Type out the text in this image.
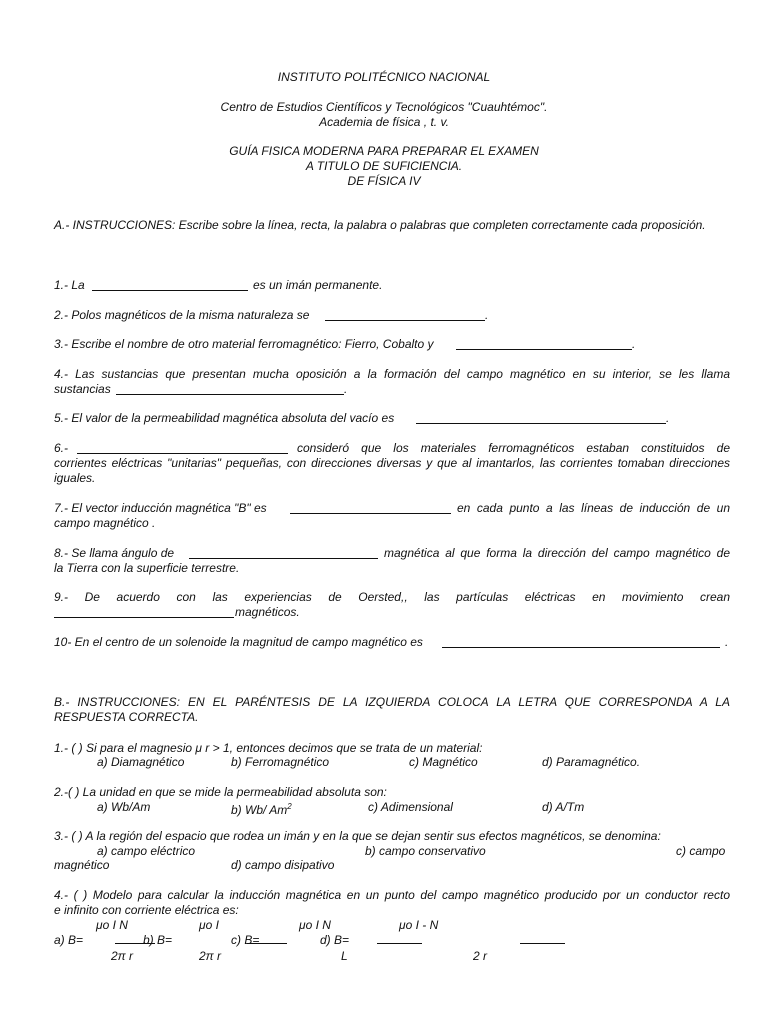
INSTITUTO POLITÉCNICO NACIONAL
Centro de Estudios Científicos y Tecnológicos "Cuauhtémoc".
Academia de física , t. v.
GUÍA FISICA MODERNA PARA PREPARAR EL EXAMEN
A TITULO DE SUFICIENCIA.
DE FÍSICA IV
A.- INSTRUCCIONES: Escribe sobre la línea, recta, la palabra o palabras que completen correctamente cada proposición.
1.- La	es un imán permanente.
2.- Polos magnéticos de la misma naturaleza se	.
3.- Escribe el nombre de otro material ferromagnético: Fierro, Cobalto y	.
4.- Las sustancias que presentan mucha oposición a la formación del campo magnético en su interior, se les llama
sustancias	.
5.- El valor de la permeabilidad magnética absoluta del vacío es	.
6.-	consideró que los materiales ferromagnéticos estaban constituidos de
corrientes eléctricas "unitarias" pequeñas, con direcciones diversas y que al imantarlos, las corrientes tomaban direcciones iguales.
7.- El vector inducción magnética "B" es	en cada punto a las líneas de inducción de un
campo magnético .
8.- Se llama ángulo de	magnética al que forma la dirección del campo magnético de
la Tierra con la superficie terrestre.
9.- De acuerdo con las experiencias de Oersted,, las partículas eléctricas en movimiento crean
magnéticos.
10- En el centro de un solenoide la magnitud de campo magnético es	.
B.- INSTRUCCIONES: EN EL PARÉNTESIS DE LA IZQUIERDA COLOCA LA LETRA QUE CORRESPONDA A LA RESPUESTA CORRECTA.
1.- ( ) Si para el magnesio μ r > 1, entonces decimos que se trata de un material:
a) Diamagnético	b) Ferromagnético	c) Magnético	d) Paramagnético.
2.-( ) La unidad en que se mide la permeabilidad absoluta son:
a) Wb/Am	b) Wb/ Am$^2$	c) Adimensional	d) A/Tm
3.- ( ) A la región del espacio que rodea un imán y en la que se dejan sentir sus efectos magnéticos, se denomina:
a) campo eléctrico	b) campo conservativo	c) campo
magnético	d) campo disipativo
4.- ( ) Modelo para calcular la inducción magnética en un punto del campo magnético producido por un conductor recto
e infinito con corriente eléctrica es:
μo I N	μo I	μo I N	μo I - N
a) B=	b) B=	c) B=	d) B=
2π r	2π r	L	2 r
